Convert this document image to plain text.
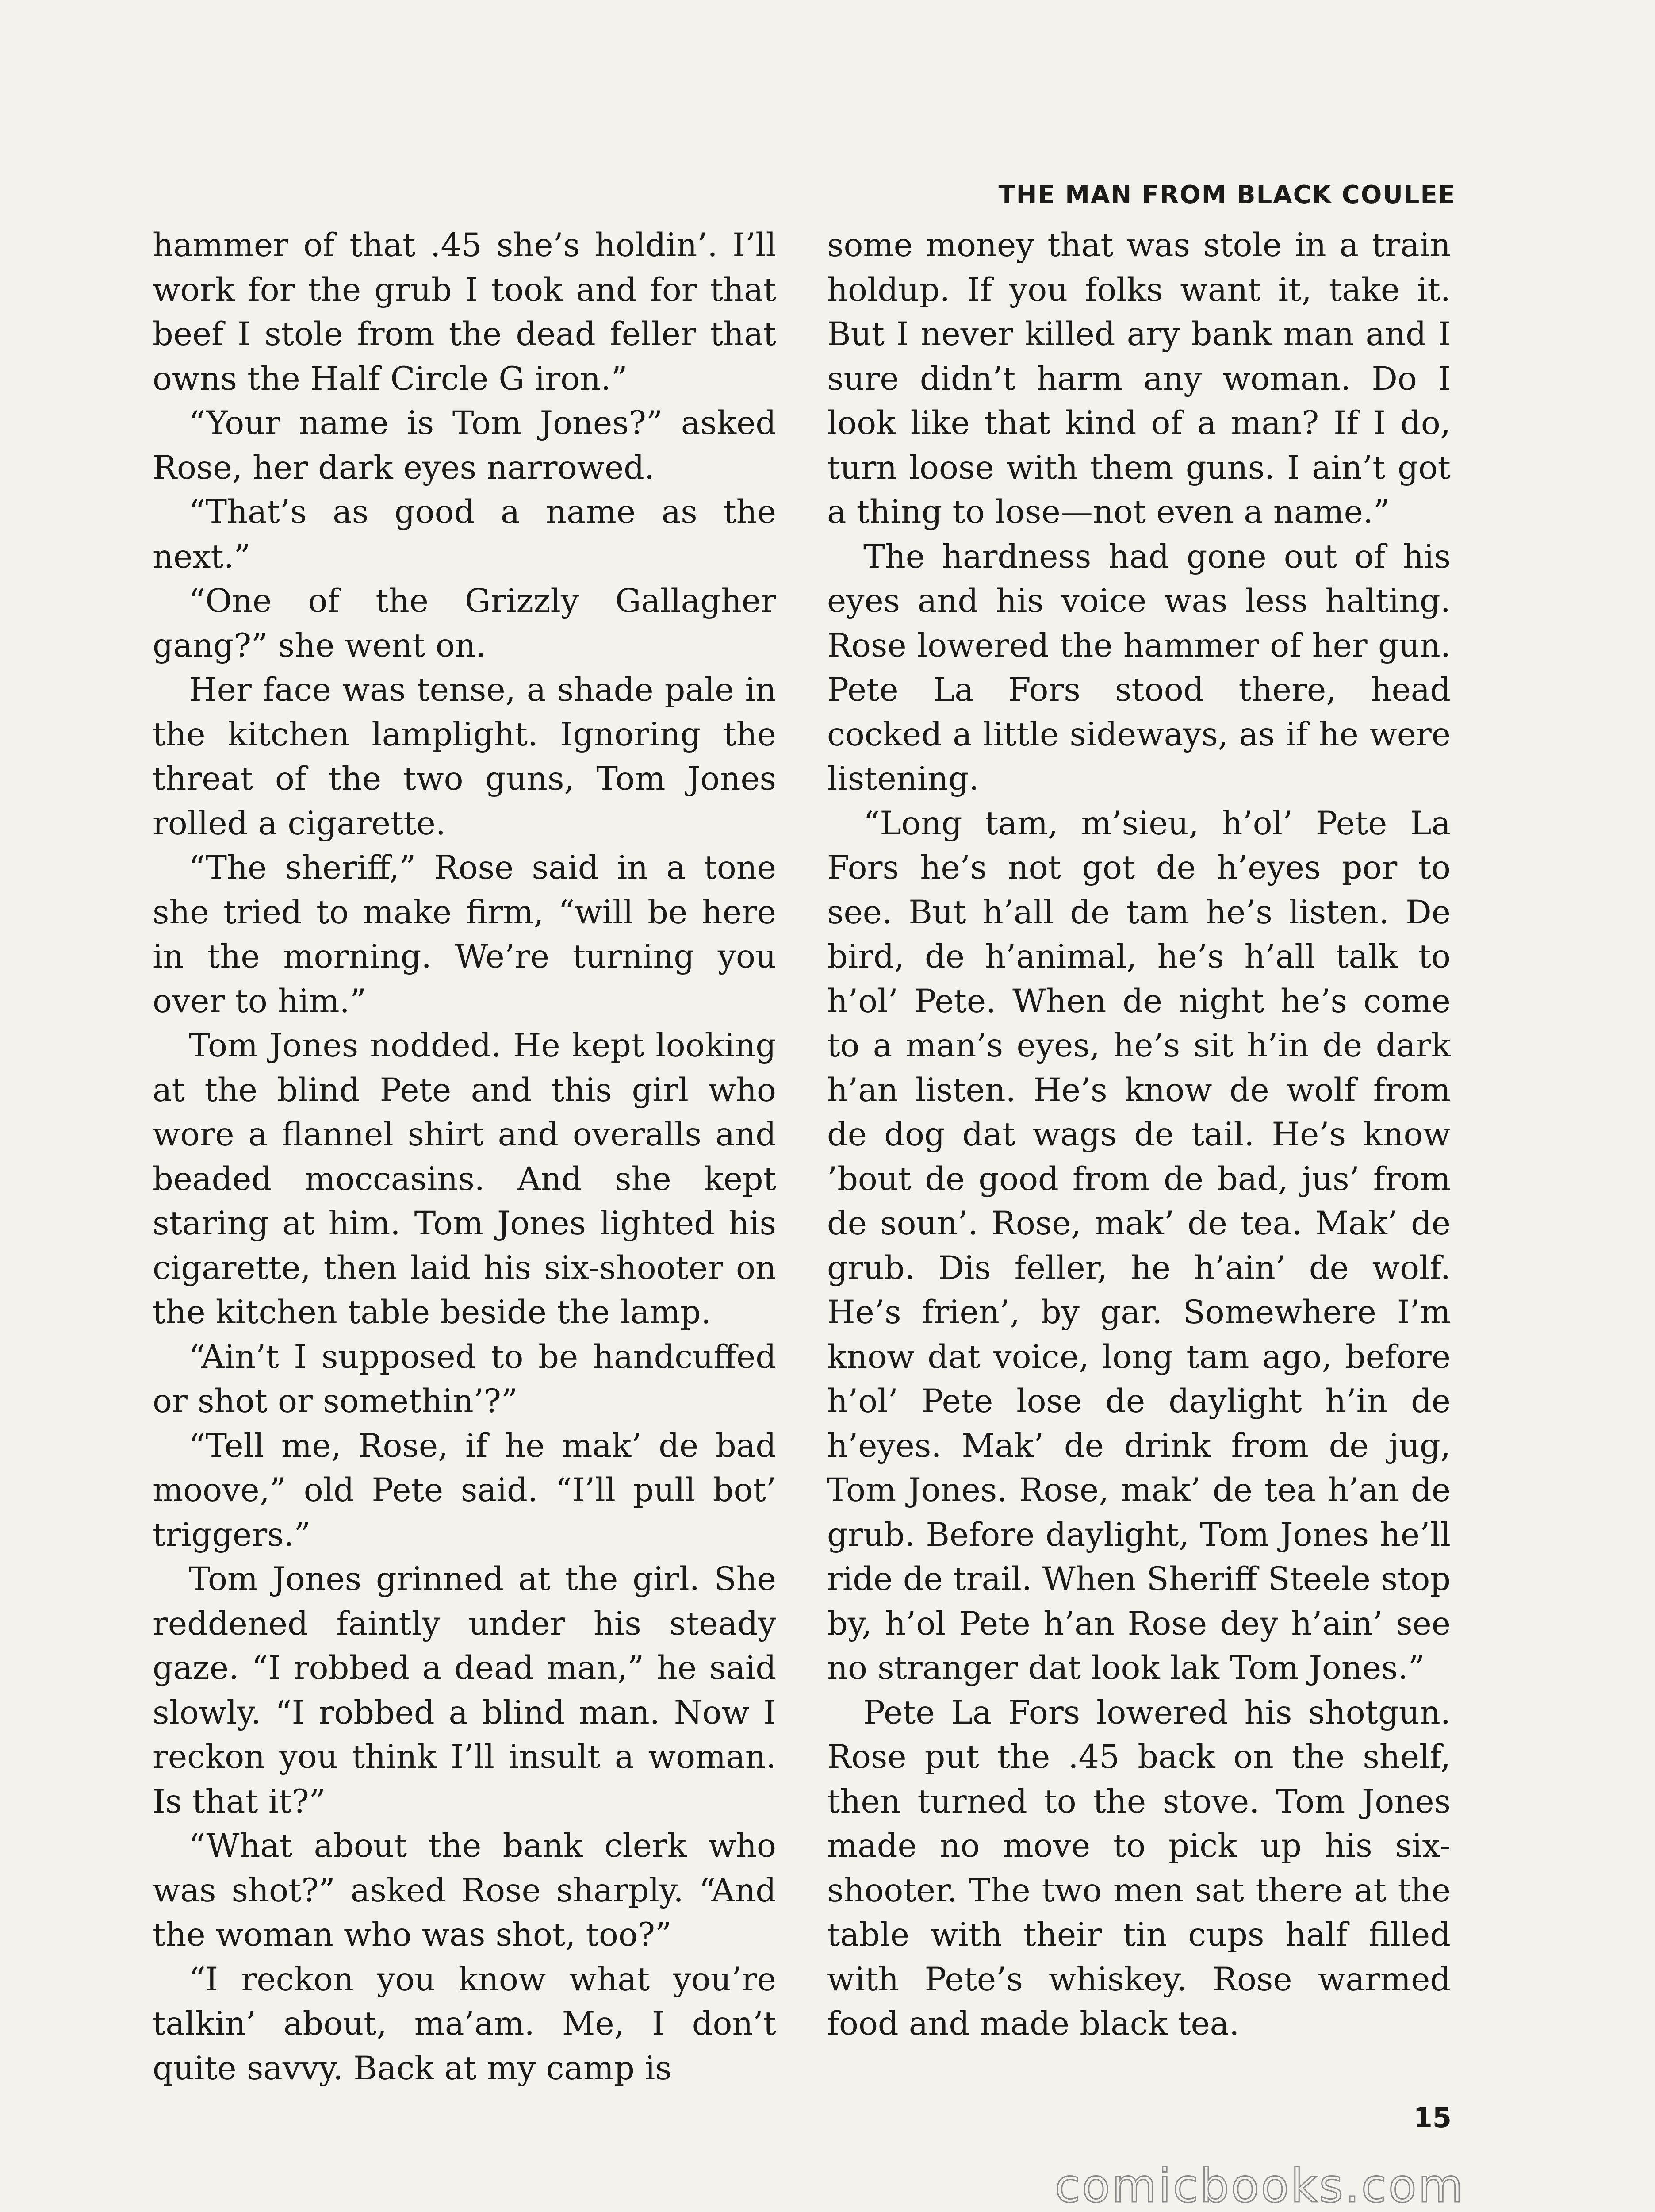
THE MAN FROM BLACK COULEE

hammer of that .45 she’s holdin’. I’ll work for the grub I took and for that beef I stole from the dead feller that owns the Half Circle G iron.”

“Your name is Tom Jones?” asked Rose, her dark eyes narrowed.

“That’s as good a name as the next.”

“One of the Grizzly Gallagher gang?” she went on.

Her face was tense, a shade pale in the kitchen lamplight. Ignoring the threat of the two guns, Tom Jones rolled a cigarette.

“The sheriff,” Rose said in a tone she tried to make firm, “will be here in the morning. We’re turning you over to him.”

Tom Jones nodded. He kept looking at the blind Pete and this girl who wore a flannel shirt and overalls and beaded moccasins. And she kept staring at him. Tom Jones lighted his cigarette, then laid his six-shooter on the kitchen table beside the lamp.

“Ain’t I supposed to be handcuffed or shot or somethin’?”

“Tell me, Rose, if he mak’ de bad moove,” old Pete said. “I’ll pull bot’ triggers.”

Tom Jones grinned at the girl. She reddened faintly under his steady gaze. “I robbed a dead man,” he said slowly. “I robbed a blind man. Now I reckon you think I’ll insult a woman. Is that it?”

“What about the bank clerk who was shot?” asked Rose sharply. “And the woman who was shot, too?”

“I reckon you know what you’re talkin’ about, ma’am. Me, I don’t quite savvy. Back at my camp is

some money that was stole in a train holdup. If you folks want it, take it. But I never killed ary bank man and I sure didn’t harm any woman. Do I look like that kind of a man? If I do, turn loose with them guns. I ain’t got a thing to lose—not even a name.”

The hardness had gone out of his eyes and his voice was less halting. Rose lowered the hammer of her gun. Pete La Fors stood there, head cocked a little sideways, as if he were listening.

“Long tam, m’sieu, h’ol’ Pete La Fors he’s not got de h’eyes por to see. But h’all de tam he’s listen. De bird, de h’animal, he’s h’all talk to h’ol’ Pete. When de night he’s come to a man’s eyes, he’s sit h’in de dark h’an listen. He’s know de wolf from de dog dat wags de tail. He’s know ’bout de good from de bad, jus’ from de soun’. Rose, mak’ de tea. Mak’ de grub. Dis feller, he h’ain’ de wolf. He’s frien’, by gar. Somewhere I’m know dat voice, long tam ago, before h’ol’ Pete lose de daylight h’in de h’eyes. Mak’ de drink from de jug, Tom Jones. Rose, mak’ de tea h’an de grub. Before daylight, Tom Jones he’ll ride de trail. When Sheriff Steele stop by, h’ol Pete h’an Rose dey h’ain’ see no stranger dat look lak Tom Jones.”

Pete La Fors lowered his shotgun. Rose put the .45 back on the shelf, then turned to the stove. Tom Jones made no move to pick up his six-shooter. The two men sat there at the table with their tin cups half filled with Pete’s whiskey. Rose warmed food and made black tea.

15
comicbooks.com
